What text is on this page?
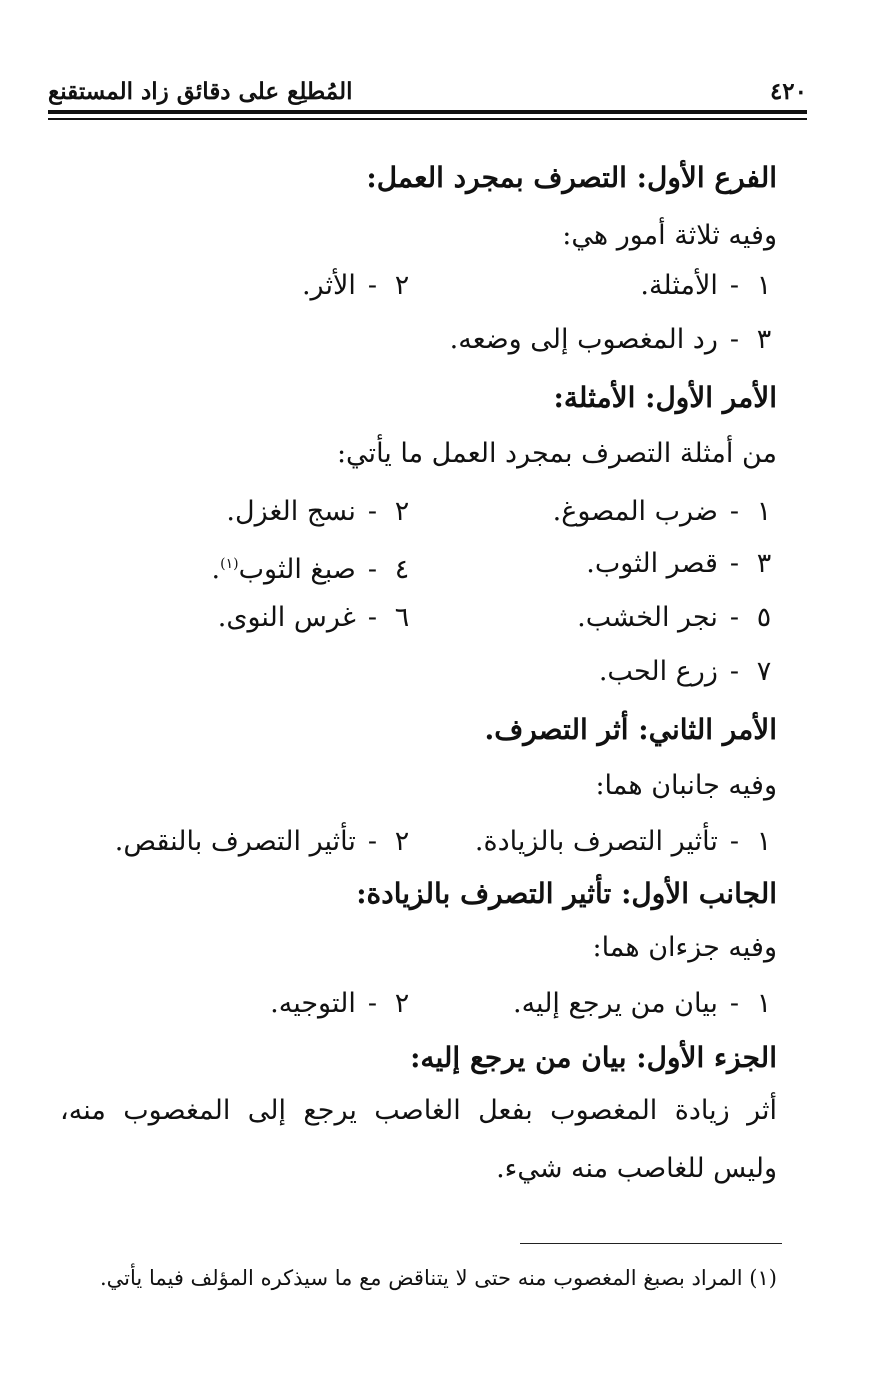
٤٢٠
المُطلِع على دقائق زاد المستقنع
الفرع الأول: التصرف بمجرد العمل:
وفيه ثلاثة أمور هي:
١-الأمثلة.
٢-الأثر.
٣-رد المغصوب إلى وضعه.
الأمر الأول: الأمثلة:
من أمثلة التصرف بمجرد العمل ما يأتي:
١-ضرب المصوغ.
٢-نسج الغزل.
٣-قصر الثوب.
٤-صبغ الثوب$^{(١)}$.
٥-نجر الخشب.
٦-غرس النوى.
٧-زرع الحب.
الأمر الثاني: أثر التصرف.
وفيه جانبان هما:
١-تأثير التصرف بالزيادة.
٢-تأثير التصرف بالنقص.
الجانب الأول: تأثير التصرف بالزيادة:
وفيه جزءان هما:
١-بيان من يرجع إليه.
٢-التوجيه.
الجزء الأول: بيان من يرجع إليه:
أثر زيادة المغصوب بفعل الغاصب يرجع إلى المغصوب منه، وليس للغاصب منه شيء.
(١) المراد بصبغ المغصوب منه حتى لا يتناقض مع ما سيذكره المؤلف فيما يأتي.
